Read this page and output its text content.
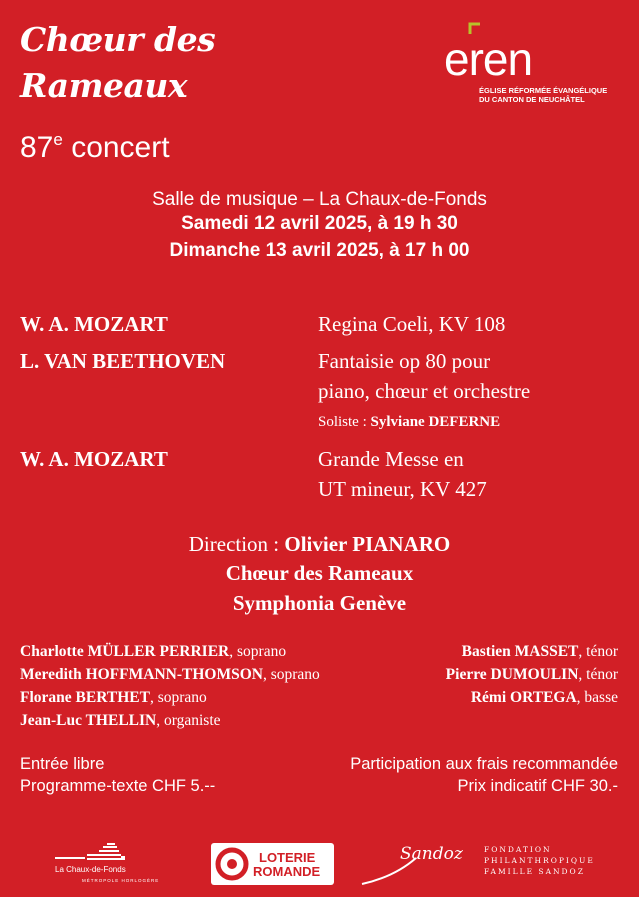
Chœur des
Rameaux
87e concert
eren
ÉGLISE RÉFORMÉE ÉVANGÉLIQUE
DU CANTON DE NEUCHÂTEL
Salle de musique – La Chaux-de-Fonds
Samedi 12 avril 2025, à 19 h 30
Dimanche 13 avril 2025, à 17 h 00
W. A. MOZART	Regina Coeli, KV 108
L. VAN BEETHOVEN	Fantaisie op 80 pour
piano, chœur et orchestre
Soliste : Sylviane DEFERNE
W. A. MOZART	Grande Messe en
UT mineur, KV 427
Direction : Olivier PIANARO
Chœur des Rameaux
Symphonia Genève
Charlotte MÜLLER PERRIER, soprano
Meredith HOFFMANN-THOMSON, soprano
Florane BERTHET, soprano
Jean-Luc THELLIN, organiste
Bastien MASSET, ténor
Pierre DUMOULIN, ténor
Rémi ORTEGA, basse
Entrée libre
Programme-texte CHF 5.--
Participation aux frais recommandée
Prix indicatif CHF 30.-
La Chaux-de-Fonds
MÉTROPOLE HORLOGÈRE
LOTERIE
ROMANDE
Sandoz	FONDATION
PHILANTHROPIQUE
FAMILLE SANDOZ
